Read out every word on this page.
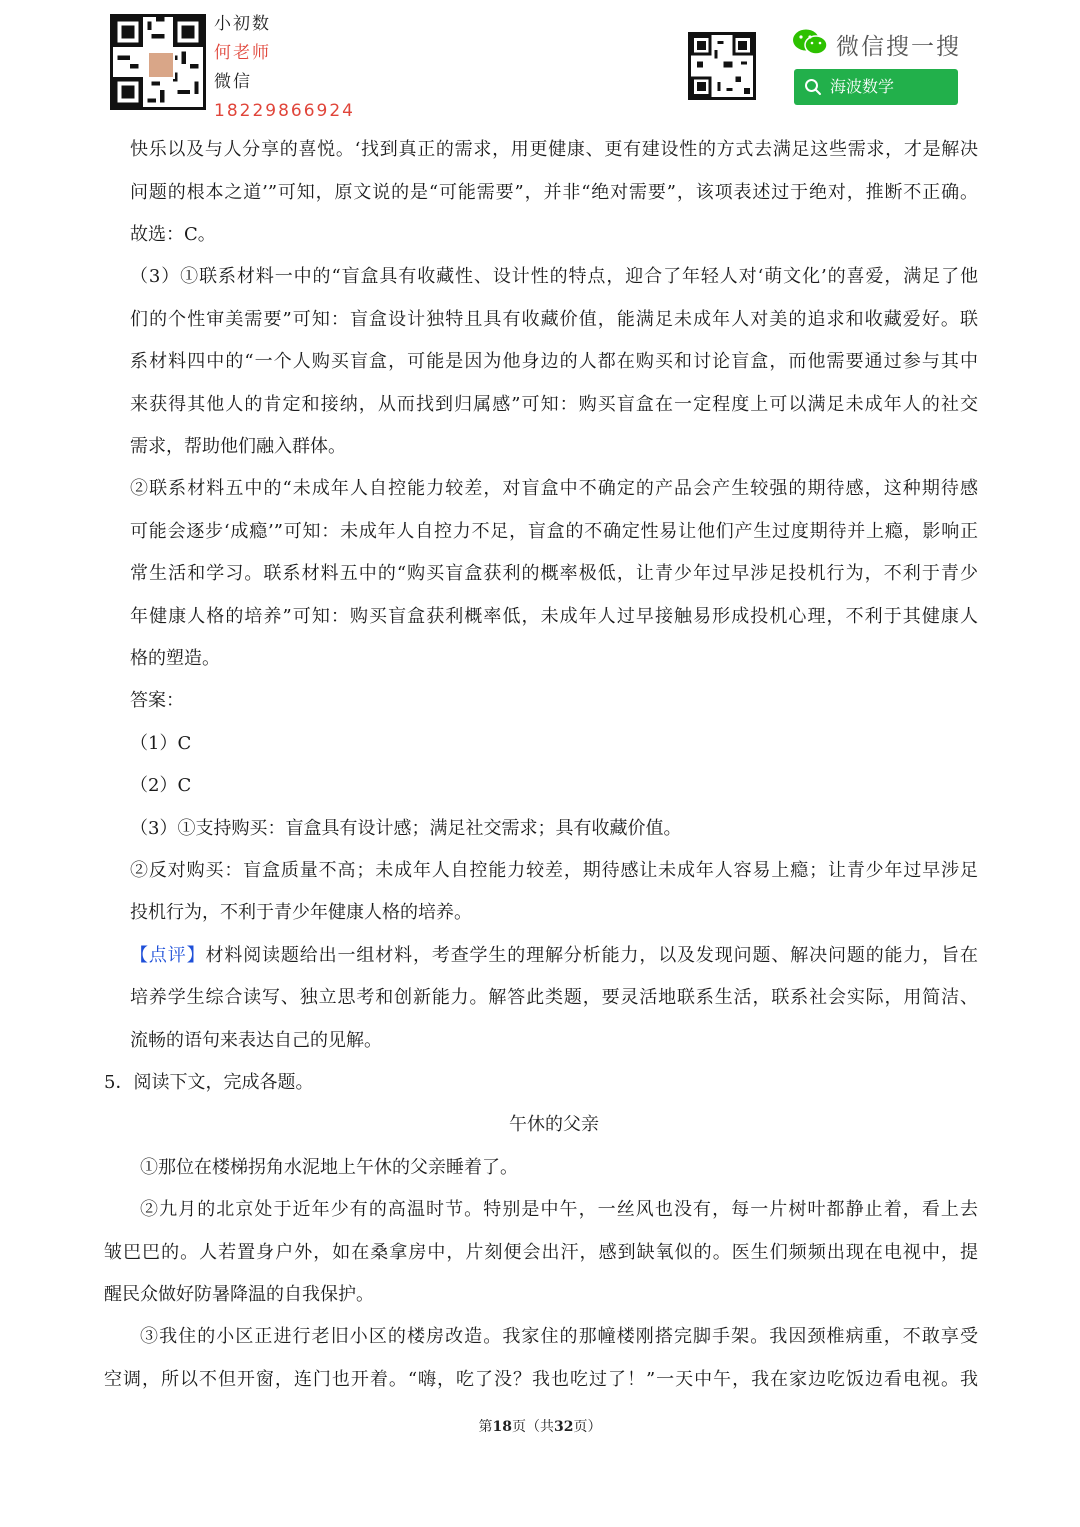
小初数
何老师
微信
18229866924
微信搜一搜
海波数学
快乐以及与人分享的喜悦。‘找到真正的需求，用更健康、更有建设性的方式去满足这些需求，才是解决
问题的根本之道’”可知，原文说的是“可能需要”，并非“绝对需要”，该项表述过于绝对，推断不正确。
故选：C。
（3）①联系材料一中的“盲盒具有收藏性、设计性的特点，迎合了年轻人对‘萌文化’的喜爱，满足了他
们的个性审美需要”可知：盲盒设计独特且具有收藏价值，能满足未成年人对美的追求和收藏爱好。联
系材料四中的“一个人购买盲盒，可能是因为他身边的人都在购买和讨论盲盒，而他需要通过参与其中
来获得其他人的肯定和接纳，从而找到归属感”可知：购买盲盒在一定程度上可以满足未成年人的社交
需求，帮助他们融入群体。
②联系材料五中的“未成年人自控能力较差，对盲盒中不确定的产品会产生较强的期待感，这种期待感
可能会逐步‘成瘾’”可知：未成年人自控力不足，盲盒的不确定性易让他们产生过度期待并上瘾，影响正
常生活和学习。联系材料五中的“购买盲盒获利的概率极低，让青少年过早涉足投机行为，不利于青少
年健康人格的培养”可知：购买盲盒获利概率低，未成年人过早接触易形成投机心理，不利于其健康人
格的塑造。
答案：
（1）C
（2）C
（3）①支持购买：盲盒具有设计感；满足社交需求；具有收藏价值。
②反对购买：盲盒质量不高；未成年人自控能力较差，期待感让未成年人容易上瘾；让青少年过早涉足
投机行为，不利于青少年健康人格的培养。
【点评】材料阅读题给出一组材料，考查学生的理解分析能力，以及发现问题、解决问题的能力，旨在
培养学生综合读写、独立思考和创新能力。解答此类题，要灵活地联系生活，联系社会实际，用简洁、
流畅的语句来表达自己的见解。
5．阅读下文，完成各题。
午休的父亲
①那位在楼梯拐角水泥地上午休的父亲睡着了。
②九月的北京处于近年少有的高温时节。特别是中午，一丝风也没有，每一片树叶都静止着，看上去
皱巴巴的。人若置身户外，如在桑拿房中，片刻便会出汗，感到缺氧似的。医生们频频出现在电视中，提
醒民众做好防暑降温的自我保护。
③我住的小区正进行老旧小区的楼房改造。我家住的那幢楼刚搭完脚手架。我因颈椎病重，不敢享受
空调，所以不但开窗，连门也开着。“嗨，吃了没？我也吃过了！”一天中午，我在家边吃饭边看电视。我
第18页（共32页）
